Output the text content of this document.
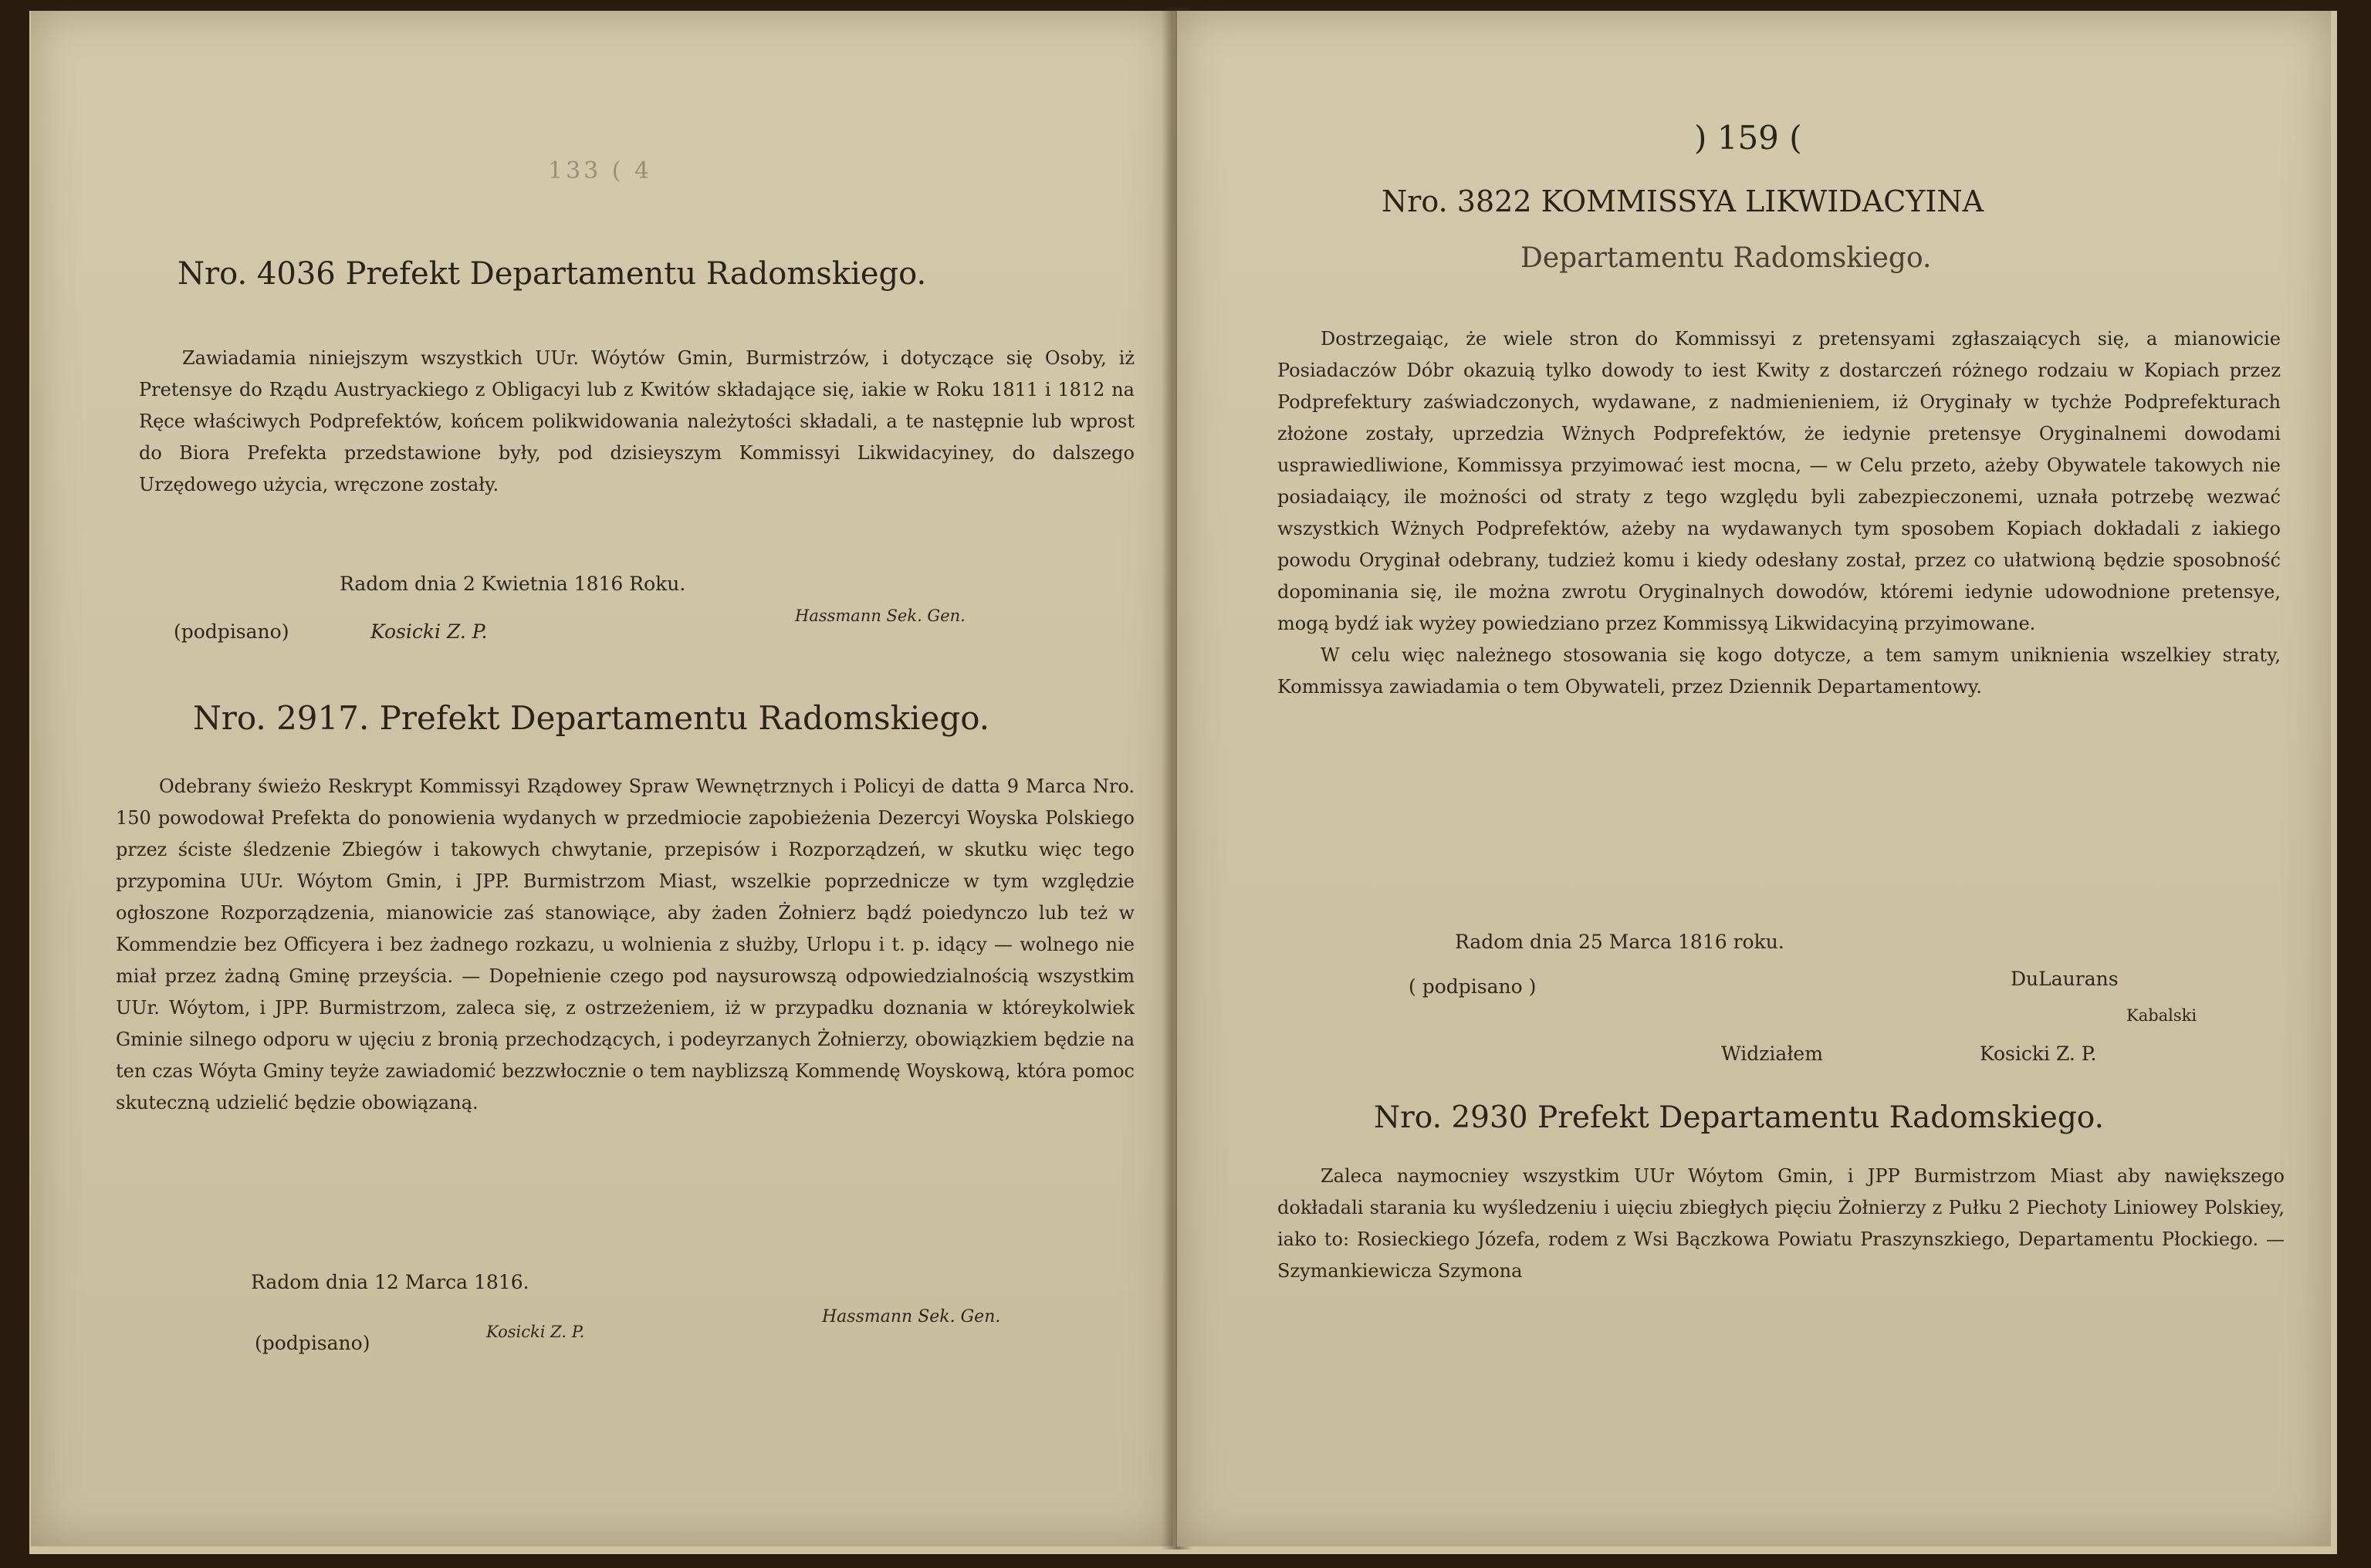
133 ( 4
Nro. 4036 Prefekt Departamentu Radomskiego.

Zawiadamia niniejszym wszystkich UUr. Wóytów Gmin, Burmistrzów, i dotyczące się Osoby, iż Pretensye do Rządu Austryackiego z Obligacyi lub z Kwitów składające się, iakie w Roku 1811 i 1812 na Ręce właściwych Podprefektów, końcem polikwidowania należytości składali, a te następnie lub wprost do Biora Prefekta przedstawione były, pod dzisieyszym Kommissyi Likwidacyiney, do dalszego Urzędowego użycia, wręczone zostały.

Radom dnia 2 Kwietnia 1816 Roku.
(podpisano)	Kosicki Z. P.
Hassmann Sek. Gen.
Nro. 2917. Prefekt Departamentu Radomskiego.

Odebrany świeżo Reskrypt Kommissyi Rządowey Spraw Wewnętrznych i Policyi de datta 9 Marca Nro. 150 powodował Prefekta do ponowienia wydanych w przedmiocie zapobieżenia Dezercyi Woyska Polskiego przez ściste śledzenie Zbiegów i takowych chwytanie, przepisów i Rozporządzeń, w skutku więc tego przypomina UUr. Wóytom Gmin, i JPP. Burmistrzom Miast, wszelkie poprzednicze w tym względzie ogłoszone Rozporządzenia, mianowicie zaś stanowiące, aby żaden Żołnierz bądź poiedynczo lub też w Kommendzie bez Officyera i bez żadnego rozkazu, u wolnienia z służby, Urlopu i t. p. idący — wolnego nie miał przez żadną Gminę przeyścia. — Dopełnienie czego pod naysurowszą odpowiedzialnością wszystkim UUr. Wóytom, i JPP. Burmistrzom, zaleca się, z ostrzeżeniem, iż w przypadku doznania w któreykolwiek Gminie silnego odporu w ujęciu z bronią przechodzących, i podeyrzanych Żołnierzy, obowiązkiem będzie na ten czas Wóyta Gminy teyże zawiadomić bezzwłocznie o tem nayblizszą Kommendę Woyskową, która pomoc skuteczną udzielić będzie obowiązaną.

Radom dnia 12 Marca 1816.
(podpisano)	Kosicki Z. P.
Hassmann Sek. Gen.
) 159 (
Nro. 3822 KOMMISSYA LIKWIDACYINA
Departamentu Radomskiego.

Dostrzegaiąc, że wiele stron do Kommissyi z pretensyami zgłaszaiących się, a mianowicie Posiadaczów Dóbr okazuią tylko dowody to iest Kwity z dostarczeń różnego rodzaiu w Kopiach przez Podprefektury zaświadczonych, wydawane, z nadmienieniem, iż Oryginały w tychże Podprefekturach złożone zostały, uprzedzia Wżnych Podprefektów, że iedynie pretensye Oryginalnemi dowodami usprawiedliwione, Kommissya przyimować iest mocna, — w Celu przeto, ażeby Obywatele takowych nie posiadaiący, ile możności od straty z tego względu byli zabezpieczonemi, uznała potrzebę wezwać wszystkich Wżnych Podprefektów, ażeby na wydawanych tym sposobem Kopiach dokładali z iakiego powodu Oryginał odebrany, tudzież komu i kiedy odesłany został, przez co ułatwioną będzie sposobność dopominania się, ile można zwrotu Oryginalnych dowodów, któremi iedynie udowodnione pretensye, mogą bydź iak wyżey powiedziano przez Kommissyą Likwidacyiną przyimowane.

W celu więc należnego stosowania się kogo dotycze, a tem samym uniknienia wszelkiey straty, Kommissya zawiadamia o tem Obywateli, przez Dziennik Departamentowy.

Radom dnia 25 Marca 1816 roku.
( podpisano )	DuLaurans
Kabalski
Widziałem	Kosicki Z. P.
Nro. 2930 Prefekt Departamentu Radomskiego.

Zaleca naymocniey wszystkim UUr Wóytom Gmin, i JPP Burmistrzom Miast aby nawiększego dokładali starania ku wyśledzeniu i uięciu zbiegłych pięciu Żołnierzy z Pułku 2 Piechoty Liniowey Polskiey, iako to: Rosieckiego Józefa, rodem z Wsi Bączkowa Powiatu Praszynszkiego, Departamentu Płockiego. — Szymankiewicza Szymona
